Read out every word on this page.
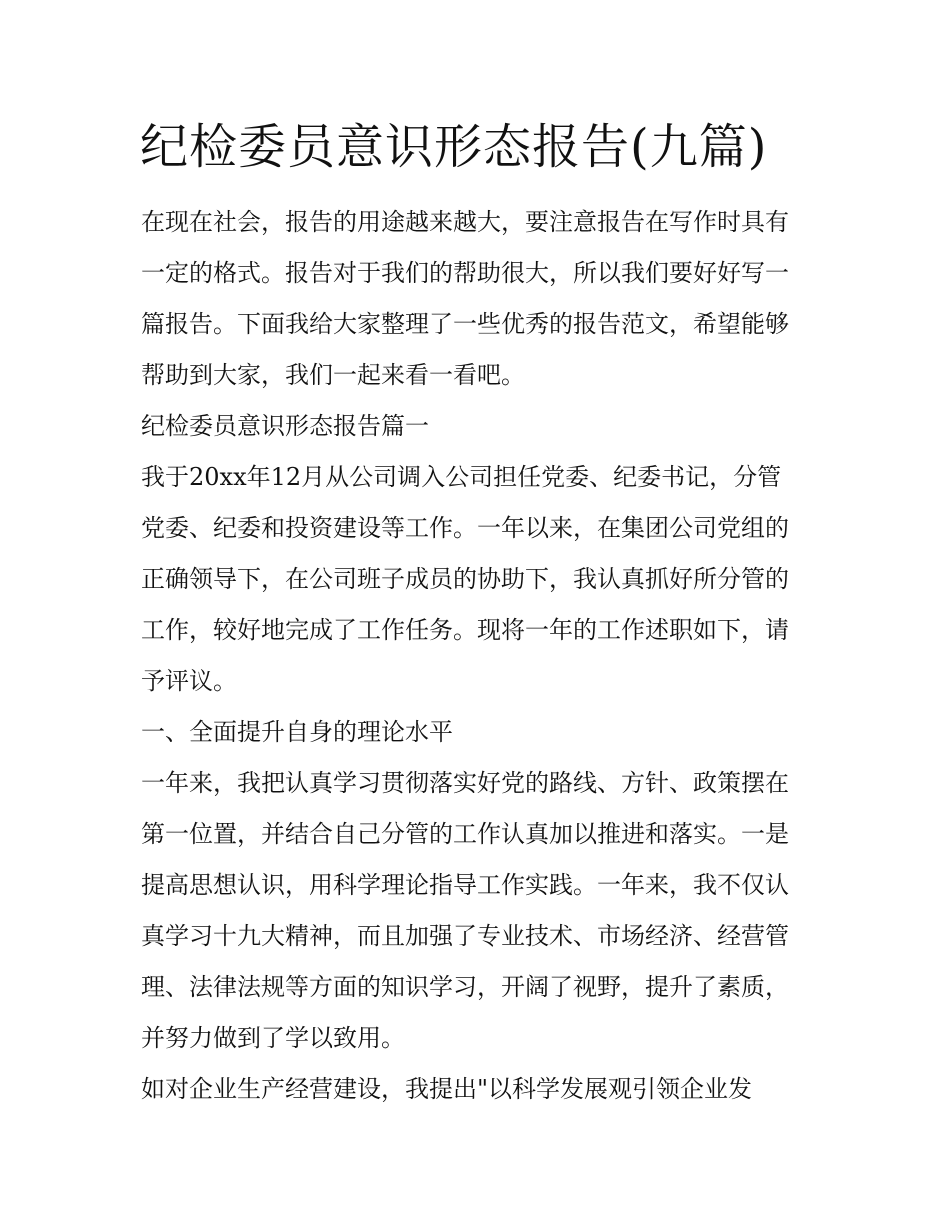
纪检委员意识形态报告(九篇)
在现在社会，报告的用途越来越大，要注意报告在写作时具有
一定的格式。报告对于我们的帮助很大，所以我们要好好写一
篇报告。下面我给大家整理了一些优秀的报告范文，希望能够
帮助到大家，我们一起来看一看吧。
纪检委员意识形态报告篇一
我于20xx年12月从公司调入公司担任党委、纪委书记，分管
党委、纪委和投资建设等工作。一年以来，在集团公司党组的
正确领导下，在公司班子成员的协助下，我认真抓好所分管的
工作，较好地完成了工作任务。现将一年的工作述职如下，请
予评议。
一、全面提升自身的理论水平
一年来，我把认真学习贯彻落实好党的路线、方针、政策摆在
第一位置，并结合自己分管的工作认真加以推进和落实。一是
提高思想认识，用科学理论指导工作实践。一年来，我不仅认
真学习十九大精神，而且加强了专业技术、市场经济、经营管
理、法律法规等方面的知识学习，开阔了视野，提升了素质，
并努力做到了学以致用。
如对企业生产经营建设，我提出"以科学发展观引领企业发
